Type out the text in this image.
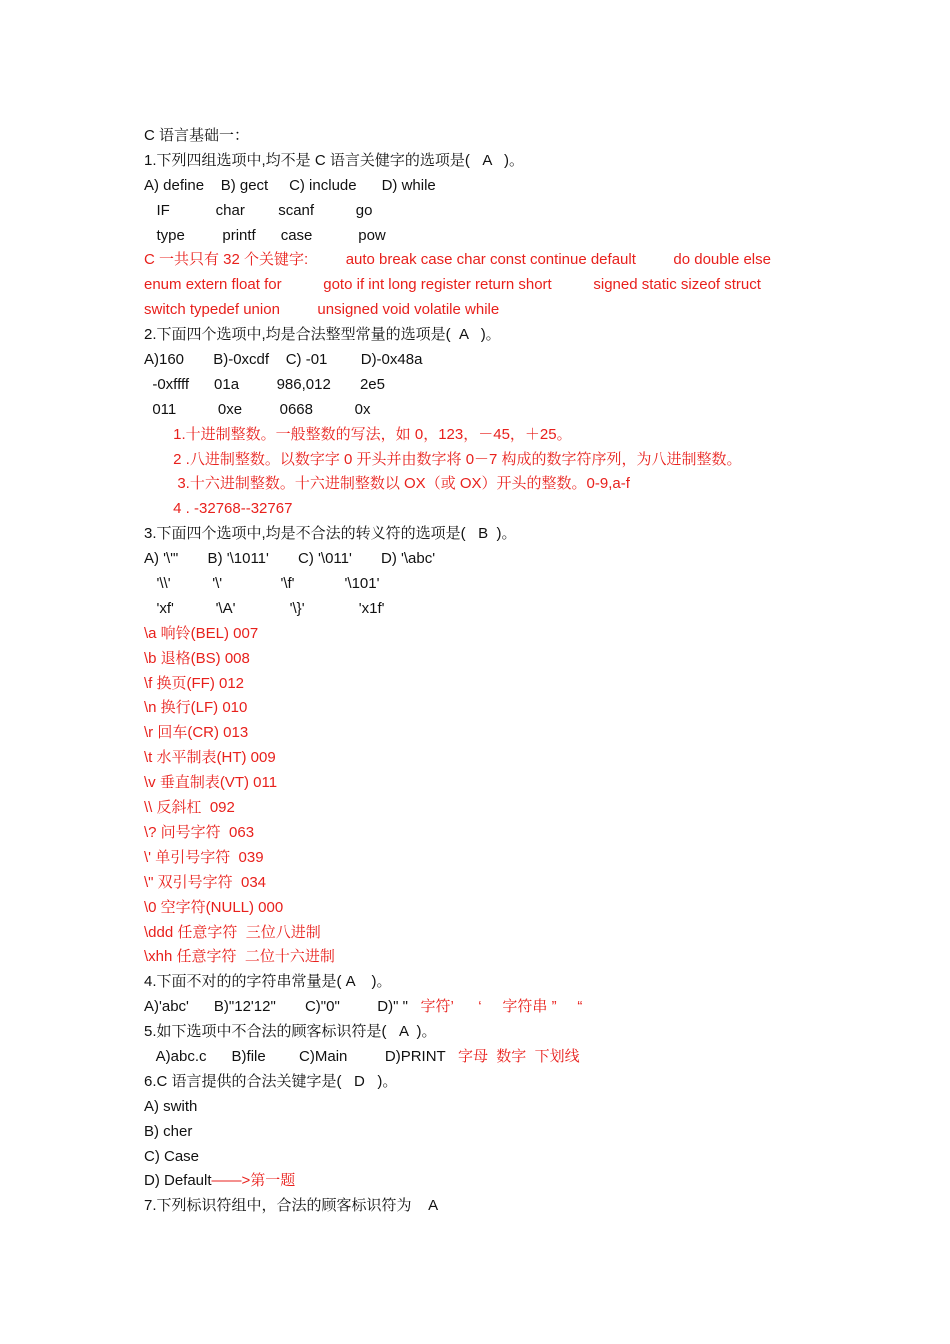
C 语言基础一：
1.下列四组选项中,均不是 C 语言关健字的选项是(   A   )。
A) define    B) gect     C) include      D) while
IF           char        scanf          go
type         printf      case           pow
C 一共只有 32 个关键字:         auto break case char const continue default         do double else
enum extern float for          goto if int long register return short          signed static sizeof struct
switch typedef union         unsigned void volatile while
2.下面四个选项中,均是合法整型常量的选项是(  A   )。
A)160       B)-0xcdf    C) -01        D)-0x48a
-0xffff      01a         986,012       2e5
011          0xe         0668          0x
1.十进制整数。一般整数的写法，如 0，123，－45，＋25。
2 .八进制整数。以数字字 0 开头并由数字将 0－7 构成的数字符序列，为八进制整数。
3.十六进制整数。十六进制整数以 OX（或 OX）开头的整数。0-9,a-f
4 . -32768--32767
3.下面四个选项中,均是不合法的转义符的选项是(   B  )。
A) '\"'       B) '\1011'       C) '\011'       D) '\abc'
'\\'          '\'              '\f'            '\101'
'xf'          '\A'             '\}'             'x1f'
\a 响铃(BEL) 007
\b 退格(BS) 008
\f 换页(FF) 012
\n 换行(LF) 010
\r 回车(CR) 013
\t 水平制表(HT) 009
\v 垂直制表(VT) 011
\\ 反斜杠  092
\? 问号字符  063
\' 单引号字符  039
\" 双引号字符  034
\0 空字符(NULL) 000
\ddd 任意字符  三位八进制
\xhh 任意字符  二位十六进制
4.下面不对的的字符串常量是( A    )。
A)'abc'      B)"12'12"       C)"0"         D)" "   字符’      ‘     字符串 ”     “
5.如下选项中不合法的顾客标识符是(   A  )。
A)abc.c      B)file        C)Main         D)PRINT   字母  数字  下划线
6.C 语言提供的合法关键字是(   D   )。
A) swith
B) cher
C) Case
D) Default——>第一题
7.下列标识符组中，合法的顾客标识符为    A
